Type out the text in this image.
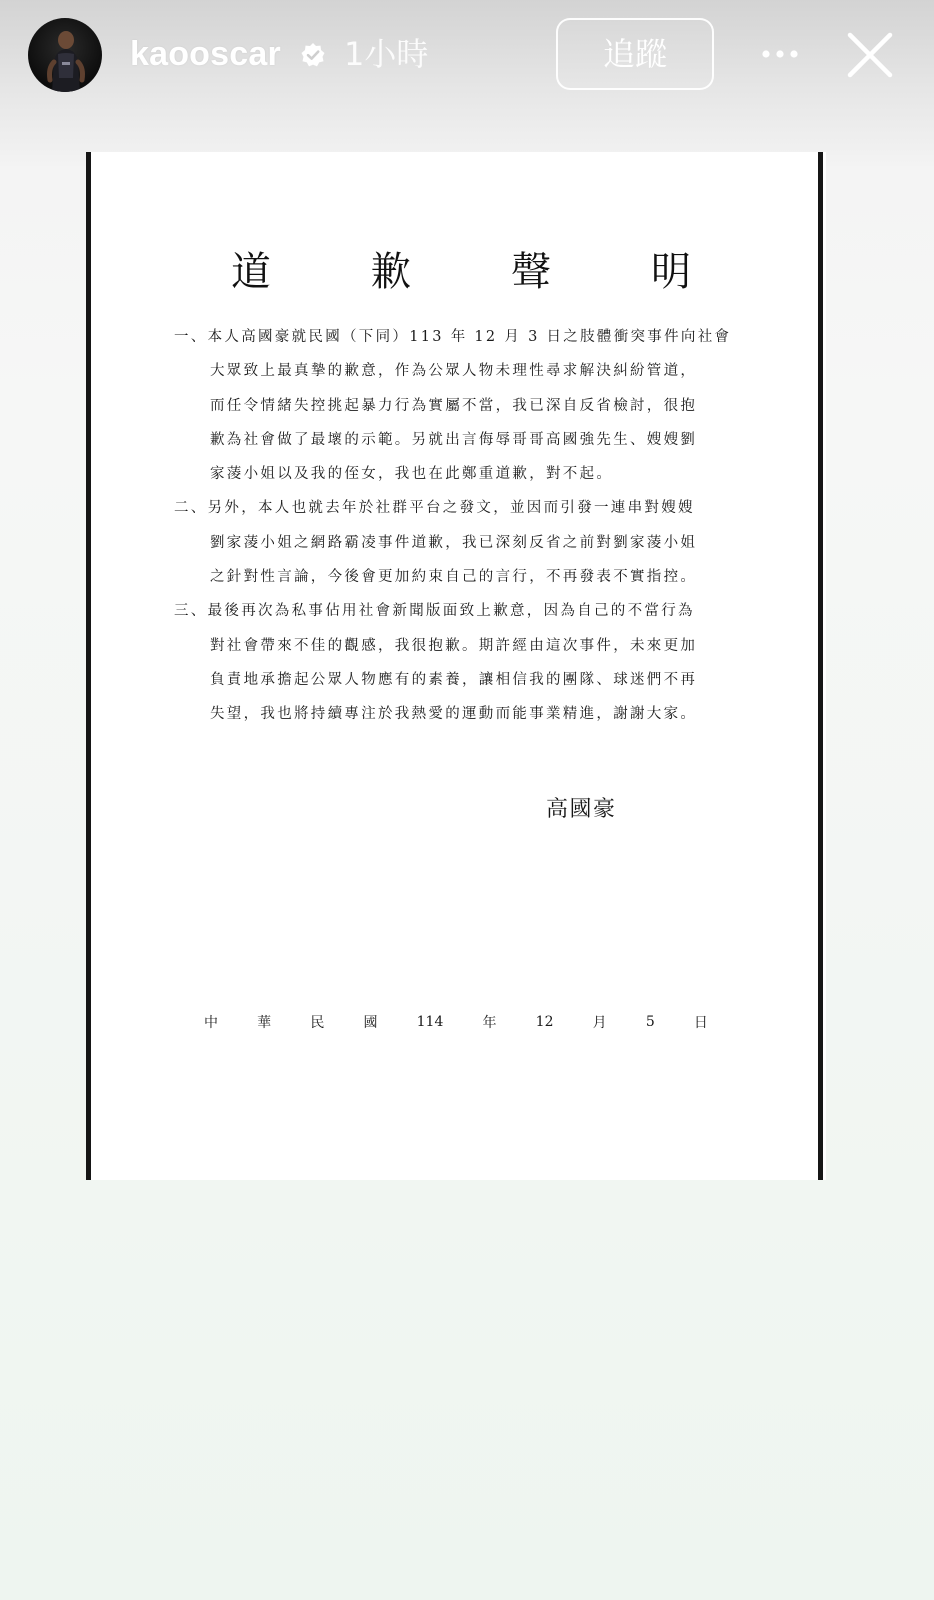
kaooscar 1小時	追蹤
道	歉	聲	明
一、本人高國豪就民國（下同）113 年 12 月 3 日之肢體衝突事件向社會
大眾致上最真摯的歉意，作為公眾人物未理性尋求解決糾紛管道，
而任令情緒失控挑起暴力行為實屬不當，我已深自反省檢討，很抱
歉為社會做了最壞的示範。另就出言侮辱哥哥高國強先生、嫂嫂劉
家蓤小姐以及我的侄女，我也在此鄭重道歉，對不起。
二、另外，本人也就去年於社群平台之發文，並因而引發一連串對嫂嫂
劉家蓤小姐之網路霸凌事件道歉，我已深刻反省之前對劉家蓤小姐
之針對性言論，今後會更加約束自己的言行，不再發表不實指控。
三、最後再次為私事佔用社會新聞版面致上歉意，因為自己的不當行為
對社會帶來不佳的觀感，我很抱歉。期許經由這次事件，未來更加
負責地承擔起公眾人物應有的素養，讓相信我的團隊、球迷們不再
失望，我也將持續專注於我熱愛的運動而能事業精進，謝謝大家。
高國豪
中	華	民	國	114	年	12	月	5	日
